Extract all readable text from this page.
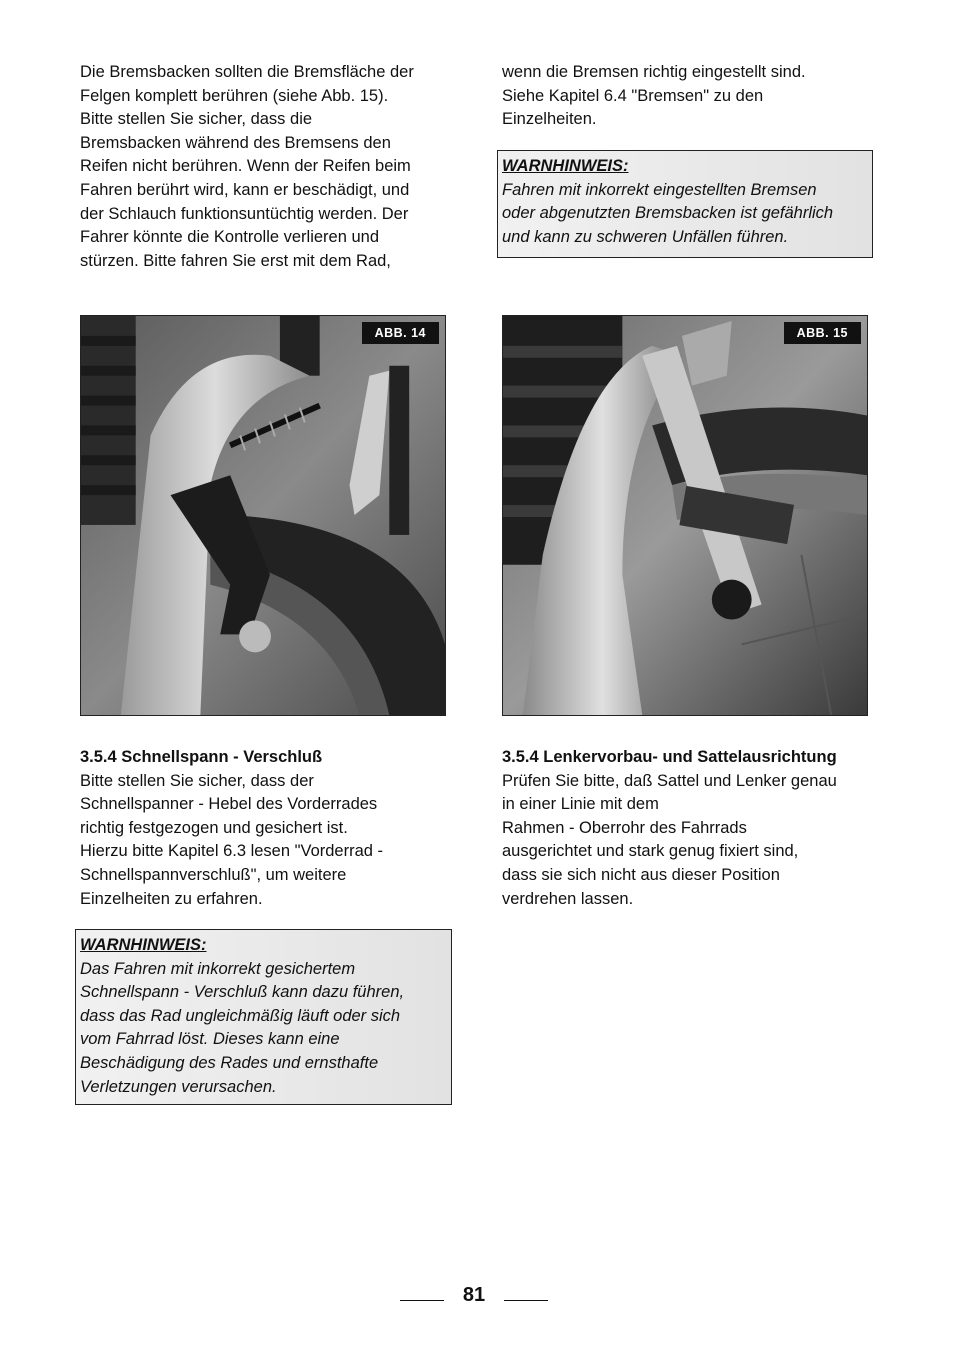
Die Bremsbacken sollten die Bremsfläche der
Felgen komplett berühren (siehe Abb. 15).
Bitte stellen Sie sicher, dass die
Bremsbacken während des Bremsens den
Reifen nicht berühren. Wenn der Reifen beim
Fahren berührt wird, kann er beschädigt, und
der Schlauch funktionsuntüchtig werden. Der
Fahrer könnte die Kontrolle verlieren und
stürzen. Bitte fahren Sie erst mit dem Rad,
wenn die Bremsen richtig eingestellt sind.
Siehe Kapitel 6.4 "Bremsen" zu den
Einzelheiten.
WARNHINWEIS:
Fahren mit inkorrekt eingestellten Bremsen
oder abgenutzten Bremsbacken ist gefährlich
und kann zu schweren Unfällen führen.
ABB. 14	ABB. 15
3.5.4 Schnellspann - Verschluß
Bitte stellen Sie sicher, dass der
Schnellspanner - Hebel des Vorderrades
richtig festgezogen und gesichert ist.
Hierzu bitte Kapitel 6.3 lesen "Vorderrad -
Schnellspannverschluß", um weitere
Einzelheiten zu erfahren.
WARNHINWEIS:
Das Fahren mit inkorrekt gesichertem
Schnellspann - Verschluß kann dazu führen,
dass das Rad ungleichmäßig läuft oder sich
vom Fahrrad löst. Dieses kann eine
Beschädigung des Rades und ernsthafte
Verletzungen verursachen.
3.5.4 Lenkervorbau- und Sattelausrichtung
Prüfen Sie bitte, daß Sattel und Lenker genau
in einer Linie mit dem
Rahmen - Oberrohr des Fahrrads
ausgerichtet und stark genug fixiert sind,
dass sie sich nicht aus dieser Position
verdrehen lassen.
81
